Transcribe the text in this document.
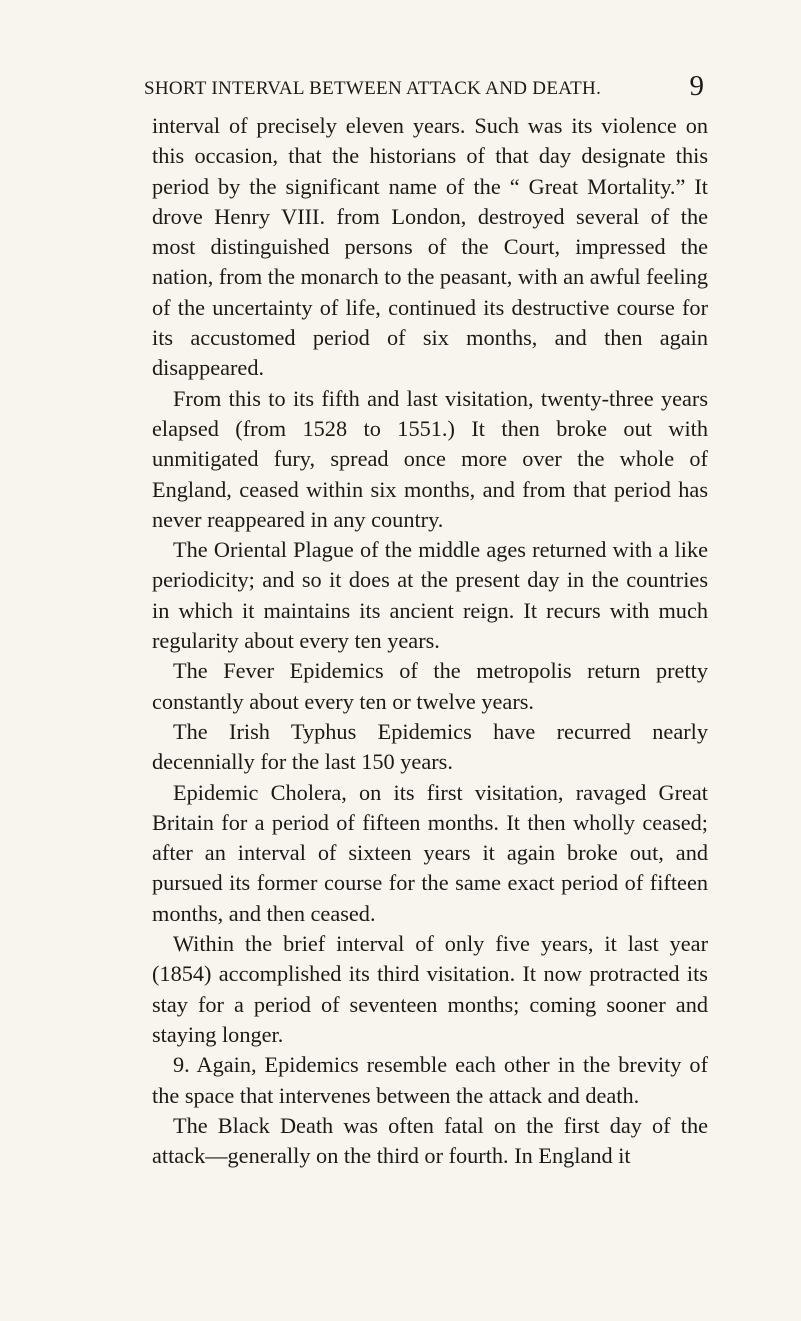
SHORT INTERVAL BETWEEN ATTACK AND DEATH.	9

interval of precisely eleven years. Such was its violence on this occasion, that the historians of that day designate this period by the significant name of the “ Great Mortality.” It drove Henry VIII. from London, destroyed several of the most distinguished persons of the Court, impressed the nation, from the monarch to the peasant, with an awful feeling of the uncertainty of life, continued its destructive course for its accustomed period of six months, and then again disappeared.

From this to its fifth and last visitation, twenty-three years elapsed (from 1528 to 1551.) It then broke out with unmitigated fury, spread once more over the whole of England, ceased within six months, and from that period has never reappeared in any country.

The Oriental Plague of the middle ages returned with a like periodicity; and so it does at the present day in the countries in which it maintains its ancient reign. It recurs with much regularity about every ten years.

The Fever Epidemics of the metropolis return pretty constantly about every ten or twelve years.

The Irish Typhus Epidemics have recurred nearly decennially for the last 150 years.

Epidemic Cholera, on its first visitation, ravaged Great Britain for a period of fifteen months. It then wholly ceased; after an interval of sixteen years it again broke out, and pursued its former course for the same exact period of fifteen months, and then ceased.

Within the brief interval of only five years, it last year (1854) accomplished its third visitation. It now protracted its stay for a period of seventeen months; coming sooner and staying longer.

9. Again, Epidemics resemble each other in the brevity of the space that intervenes between the attack and death.

The Black Death was often fatal on the first day of the attack—generally on the third or fourth. In England it
